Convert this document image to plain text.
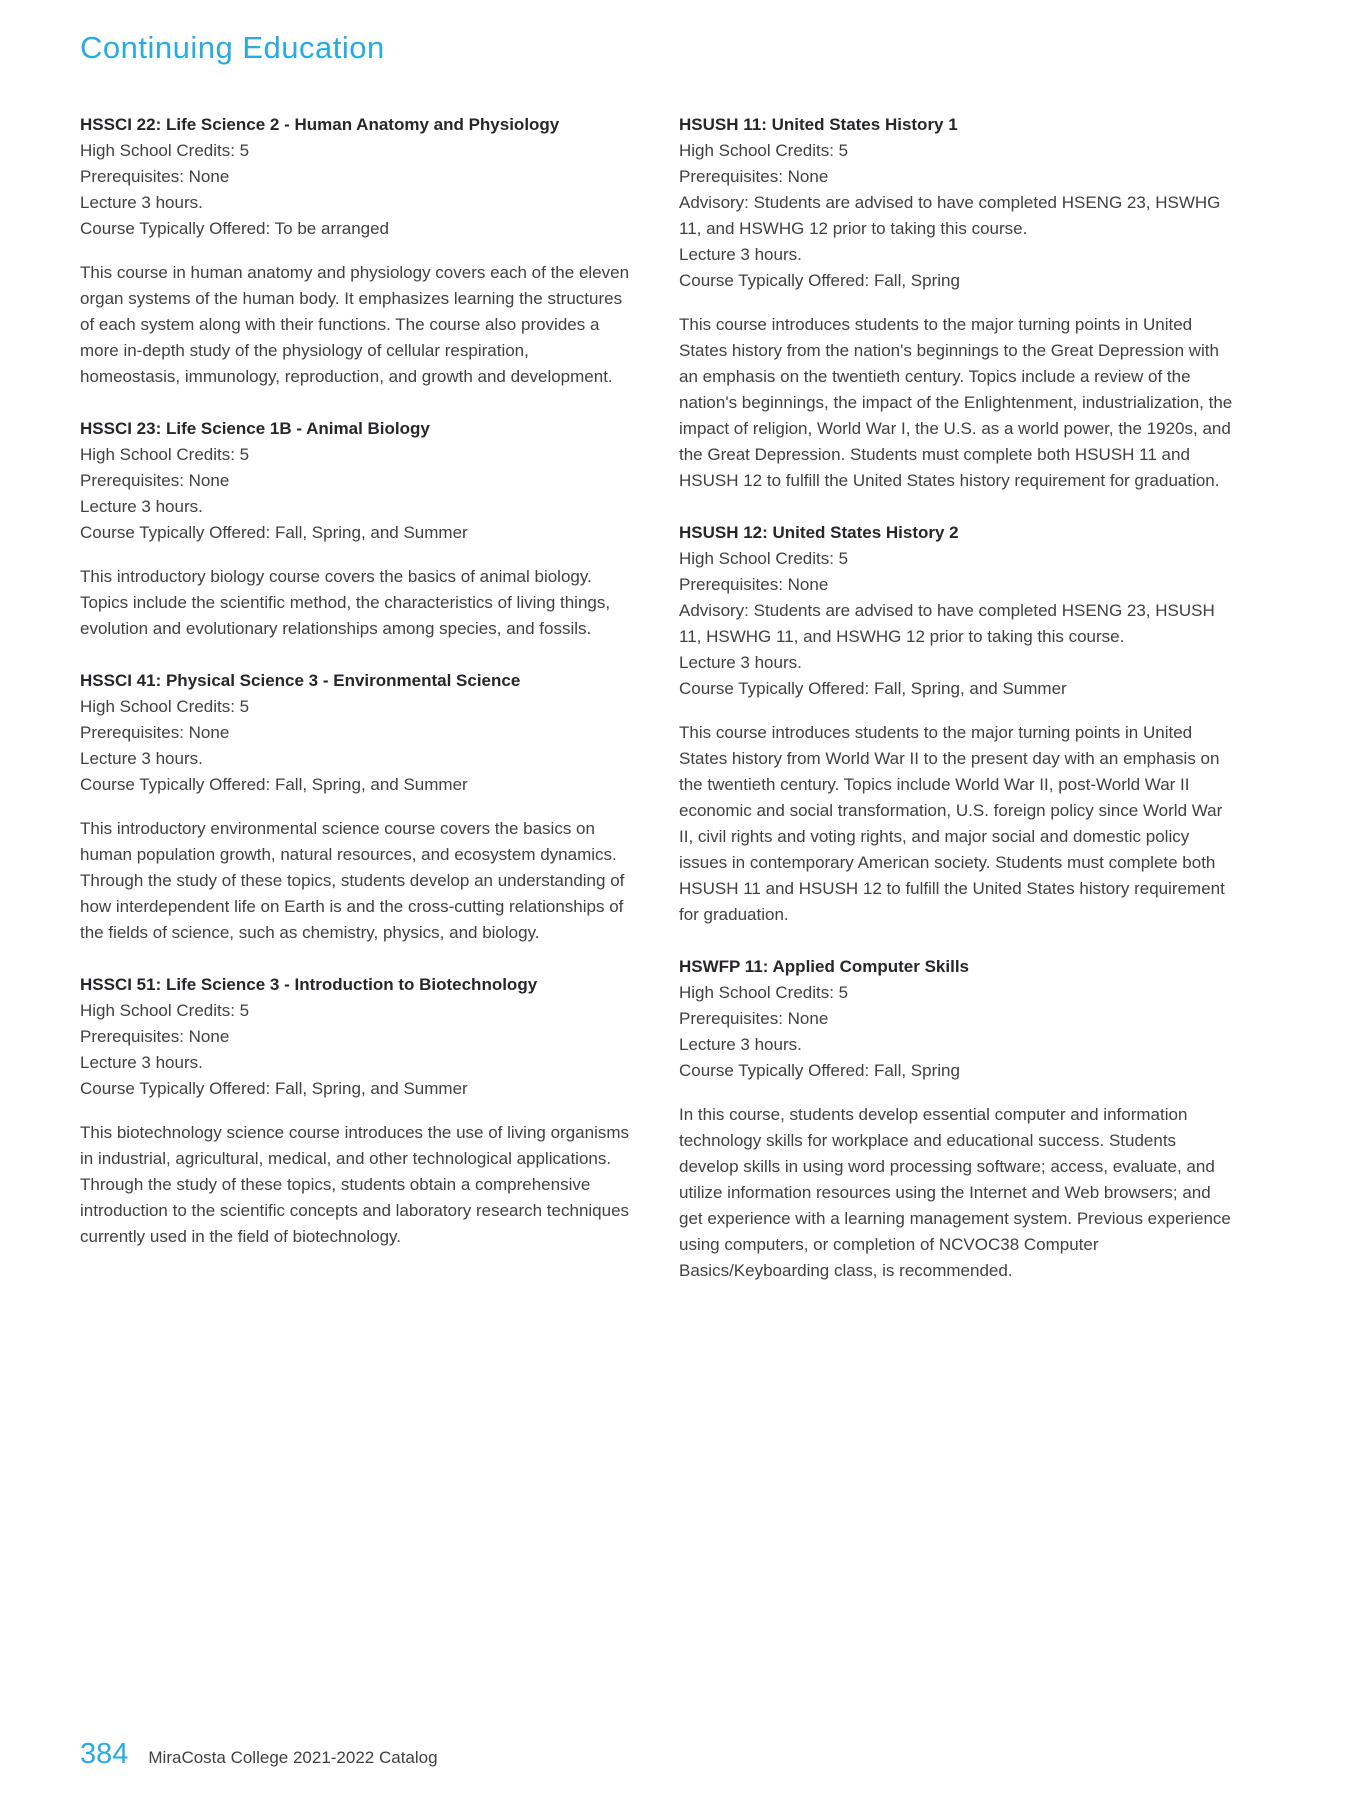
Continuing Education
HSSCI 22: Life Science 2 - Human Anatomy and Physiology
High School Credits: 5
Prerequisites: None
Lecture 3 hours.
Course Typically Offered: To be arranged

This course in human anatomy and physiology covers each of the eleven organ systems of the human body. It emphasizes learning the structures of each system along with their functions. The course also provides a more in-depth study of the physiology of cellular respiration, homeostasis, immunology, reproduction, and growth and development.

HSSCI 23: Life Science 1B - Animal Biology
High School Credits: 5
Prerequisites: None
Lecture 3 hours.
Course Typically Offered: Fall, Spring, and Summer

This introductory biology course covers the basics of animal biology. Topics include the scientific method, the characteristics of living things, evolution and evolutionary relationships among species, and fossils.

HSSCI 41: Physical Science 3 - Environmental Science
High School Credits: 5
Prerequisites: None
Lecture 3 hours.
Course Typically Offered: Fall, Spring, and Summer

This introductory environmental science course covers the basics on human population growth, natural resources, and ecosystem dynamics. Through the study of these topics, students develop an understanding of how interdependent life on Earth is and the cross-cutting relationships of the fields of science, such as chemistry, physics, and biology.

HSSCI 51: Life Science 3 - Introduction to Biotechnology
High School Credits: 5
Prerequisites: None
Lecture 3 hours.
Course Typically Offered: Fall, Spring, and Summer

This biotechnology science course introduces the use of living organisms in industrial, agricultural, medical, and other technological applications. Through the study of these topics, students obtain a comprehensive introduction to the scientific concepts and laboratory research techniques currently used in the field of biotechnology.

HSUSH 11: United States History 1
High School Credits: 5
Prerequisites: None
Advisory: Students are advised to have completed HSENG 23, HSWHG 11, and HSWHG 12 prior to taking this course.
Lecture 3 hours.
Course Typically Offered: Fall, Spring

This course introduces students to the major turning points in United States history from the nation's beginnings to the Great Depression with an emphasis on the twentieth century. Topics include a review of the nation's beginnings, the impact of the Enlightenment, industrialization, the impact of religion, World War I, the U.S. as a world power, the 1920s, and the Great Depression. Students must complete both HSUSH 11 and HSUSH 12 to fulfill the United States history requirement for graduation.

HSUSH 12: United States History 2
High School Credits: 5
Prerequisites: None
Advisory: Students are advised to have completed HSENG 23, HSUSH 11, HSWHG 11, and HSWHG 12 prior to taking this course.
Lecture 3 hours.
Course Typically Offered: Fall, Spring, and Summer

This course introduces students to the major turning points in United States history from World War II to the present day with an emphasis on the twentieth century. Topics include World War II, post-World War II economic and social transformation, U.S. foreign policy since World War II, civil rights and voting rights, and major social and domestic policy issues in contemporary American society. Students must complete both HSUSH 11 and HSUSH 12 to fulfill the United States history requirement for graduation.

HSWFP 11: Applied Computer Skills
High School Credits: 5
Prerequisites: None
Lecture 3 hours.
Course Typically Offered: Fall, Spring

In this course, students develop essential computer and information technology skills for workplace and educational success. Students develop skills in using word processing software; access, evaluate, and utilize information resources using the Internet and Web browsers; and get experience with a learning management system. Previous experience using computers, or completion of NCVOC38 Computer Basics/Keyboarding class, is recommended.

384 MiraCosta College 2021-2022 Catalog
